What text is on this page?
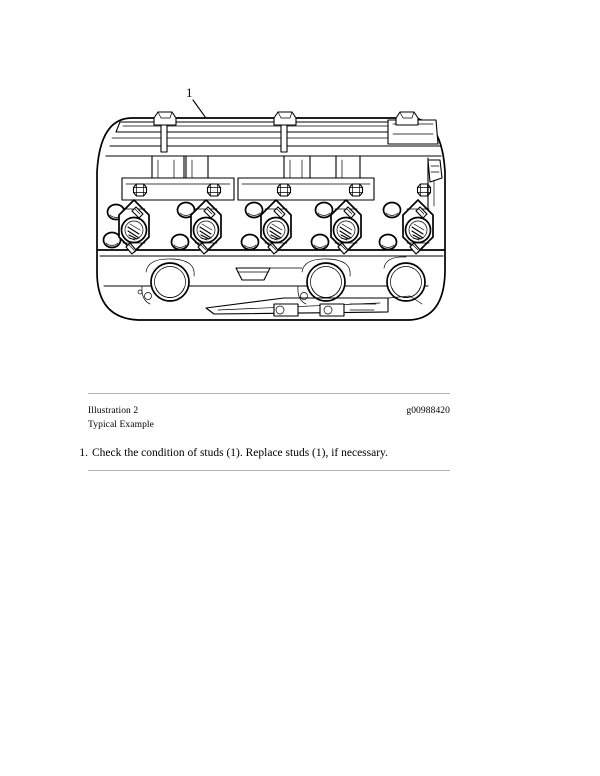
1
Illustration 2	g00988420
Typical Example
1. Check the condition of studs (1). Replace studs (1), if necessary.
